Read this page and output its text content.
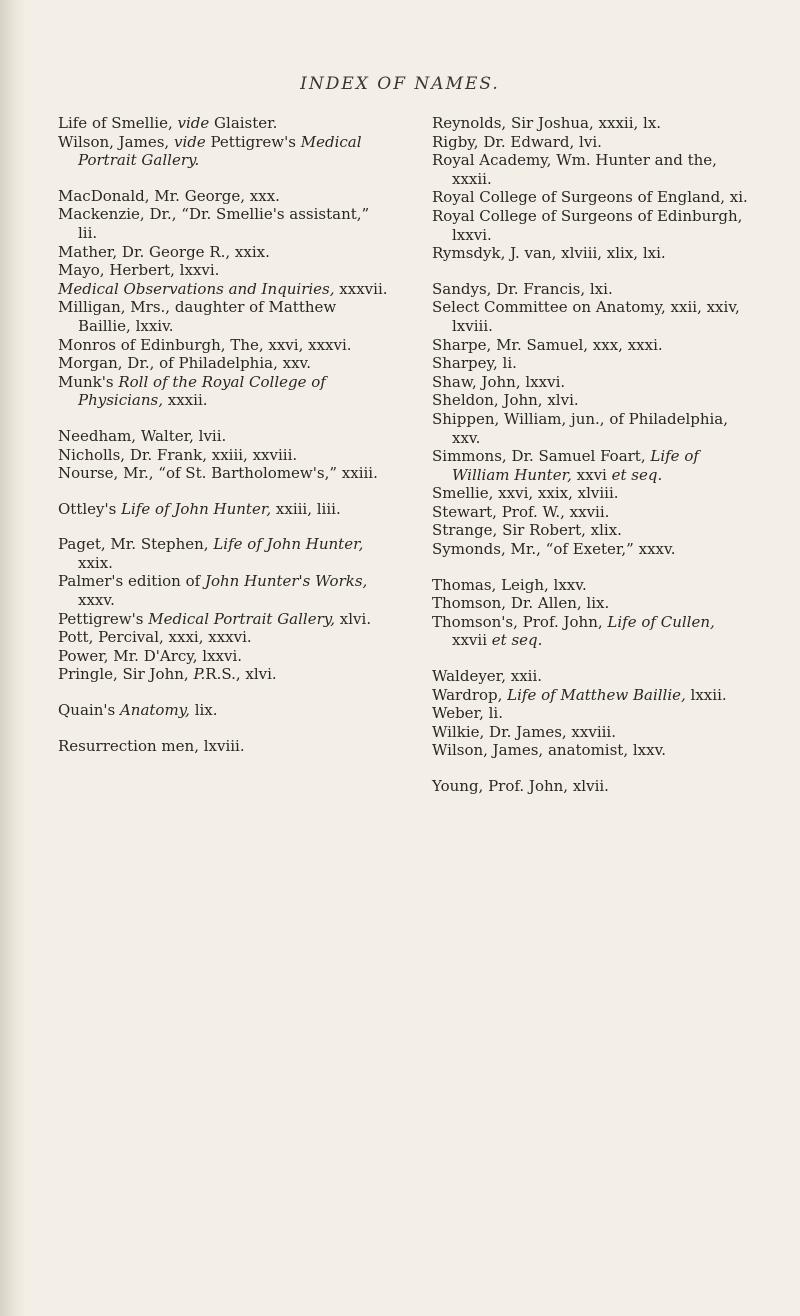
INDEX OF NAMES.
Life of Smellie, vide Glaister.
Wilson, James, vide Pettigrew's Medical Portrait Gallery.
MacDonald, Mr. George, xxx.
Mackenzie, Dr., “Dr. Smellie's assistant,” lii.
Mather, Dr. George R., xxix.
Mayo, Herbert, lxxvi.
Medical Observations and Inquiries, xxxvii.
Milligan, Mrs., daughter of Matthew Baillie, lxxiv.
Monros of Edinburgh, The, xxvi, xxxvi.
Morgan, Dr., of Philadelphia, xxv.
Munk's Roll of the Royal College of Physicians, xxxii.
Needham, Walter, lvii.
Nicholls, Dr. Frank, xxiii, xxviii.
Nourse, Mr., “of St. Bartholomew's,” xxiii.
Ottley's Life of John Hunter, xxiii, liii.
Paget, Mr. Stephen, Life of John Hunter, xxix.
Palmer's edition of John Hunter's Works, xxxv.
Pettigrew's Medical Portrait Gallery, xlvi.
Pott, Percival, xxxi, xxxvi.
Power, Mr. D'Arcy, lxxvi.
Pringle, Sir John, P.R.S., xlvi.
Quain's Anatomy, lix.
Resurrection men, lxviii.
Reynolds, Sir Joshua, xxxii, lx.
Rigby, Dr. Edward, lvi.
Royal Academy, Wm. Hunter and the, xxxii.
Royal College of Surgeons of England, xi.
Royal College of Surgeons of Edinburgh, lxxvi.
Rymsdyk, J. van, xlviii, xlix, lxi.
Sandys, Dr. Francis, lxi.
Select Committee on Anatomy, xxii, xxiv, lxviii.
Sharpe, Mr. Samuel, xxx, xxxi.
Sharpey, li.
Shaw, John, lxxvi.
Sheldon, John, xlvi.
Shippen, William, jun., of Philadelphia, xxv.
Simmons, Dr. Samuel Foart, Life of William Hunter, xxvi et seq.
Smellie, xxvi, xxix, xlviii.
Stewart, Prof. W., xxvii.
Strange, Sir Robert, xlix.
Symonds, Mr., “of Exeter,” xxxv.
Thomas, Leigh, lxxv.
Thomson, Dr. Allen, lix.
Thomson's, Prof. John, Life of Cullen, xxvii et seq.
Waldeyer, xxii.
Wardrop, Life of Matthew Baillie, lxxii.
Weber, li.
Wilkie, Dr. James, xxviii.
Wilson, James, anatomist, lxxv.
Young, Prof. John, xlvii.
